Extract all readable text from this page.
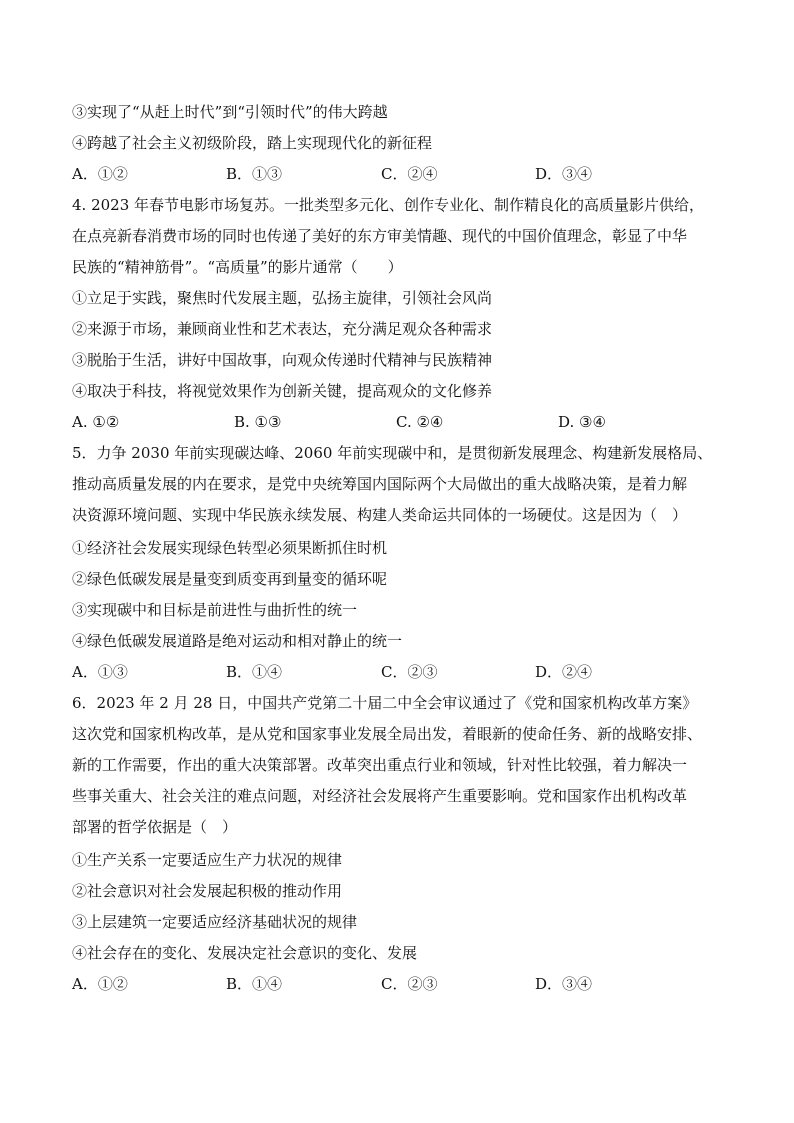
③实现了“从赶上时代”到“引领时代”的伟大跨越
④跨越了社会主义初级阶段，踏上实现现代化的新征程
A．①②	B．①③	C．②④	D．③④
4. 2023 年春节电影市场复苏。一批类型多元化、创作专业化、制作精良化的高质量影片供给，
在点亮新春消费市场的同时也传递了美好的东方审美情趣、现代的中国价值理念，彰显了中华
民族的“精神筋骨”。“高质量”的影片通常（　　）
①立足于实践，聚焦时代发展主题，弘扬主旋律，引领社会风尚
②来源于市场，兼顾商业性和艺术表达，充分满足观众各种需求
③脱胎于生活，讲好中国故事，向观众传递时代精神与民族精神
④取决于科技，将视觉效果作为创新关键，提高观众的文化修养
A. ①②	B. ①③	C. ②④	D. ③④
5．力争 2030 年前实现碳达峰、2060 年前实现碳中和，是贯彻新发展理念、构建新发展格局、
推动高质量发展的内在要求，是党中央统筹国内国际两个大局做出的重大战略决策，是着力解
决资源环境问题、实现中华民族永续发展、构建人类命运共同体的一场硬仗。这是因为（　）
①经济社会发展实现绿色转型必须果断抓住时机
②绿色低碳发展是量变到质变再到量变的循环呢
③实现碳中和目标是前进性与曲折性的统一
④绿色低碳发展道路是绝对运动和相对静止的统一
A．①③	B．①④	C．②③	D．②④
6．2023 年 2 月 28 日，中国共产党第二十届二中全会审议通过了《党和国家机构改革方案》
这次党和国家机构改革，是从党和国家事业发展全局出发，着眼新的使命任务、新的战略安排、
新的工作需要，作出的重大决策部署。改革突出重点行业和领域，针对性比较强，着力解决一
些事关重大、社会关注的难点问题，对经济社会发展将产生重要影响。党和国家作出机构改革
部署的哲学依据是（　）
①生产关系一定要适应生产力状况的规律
②社会意识对社会发展起积极的推动作用
③上层建筑一定要适应经济基础状况的规律
④社会存在的变化、发展决定社会意识的变化、发展
A．①②	B．①④	C．②③	D．③④
